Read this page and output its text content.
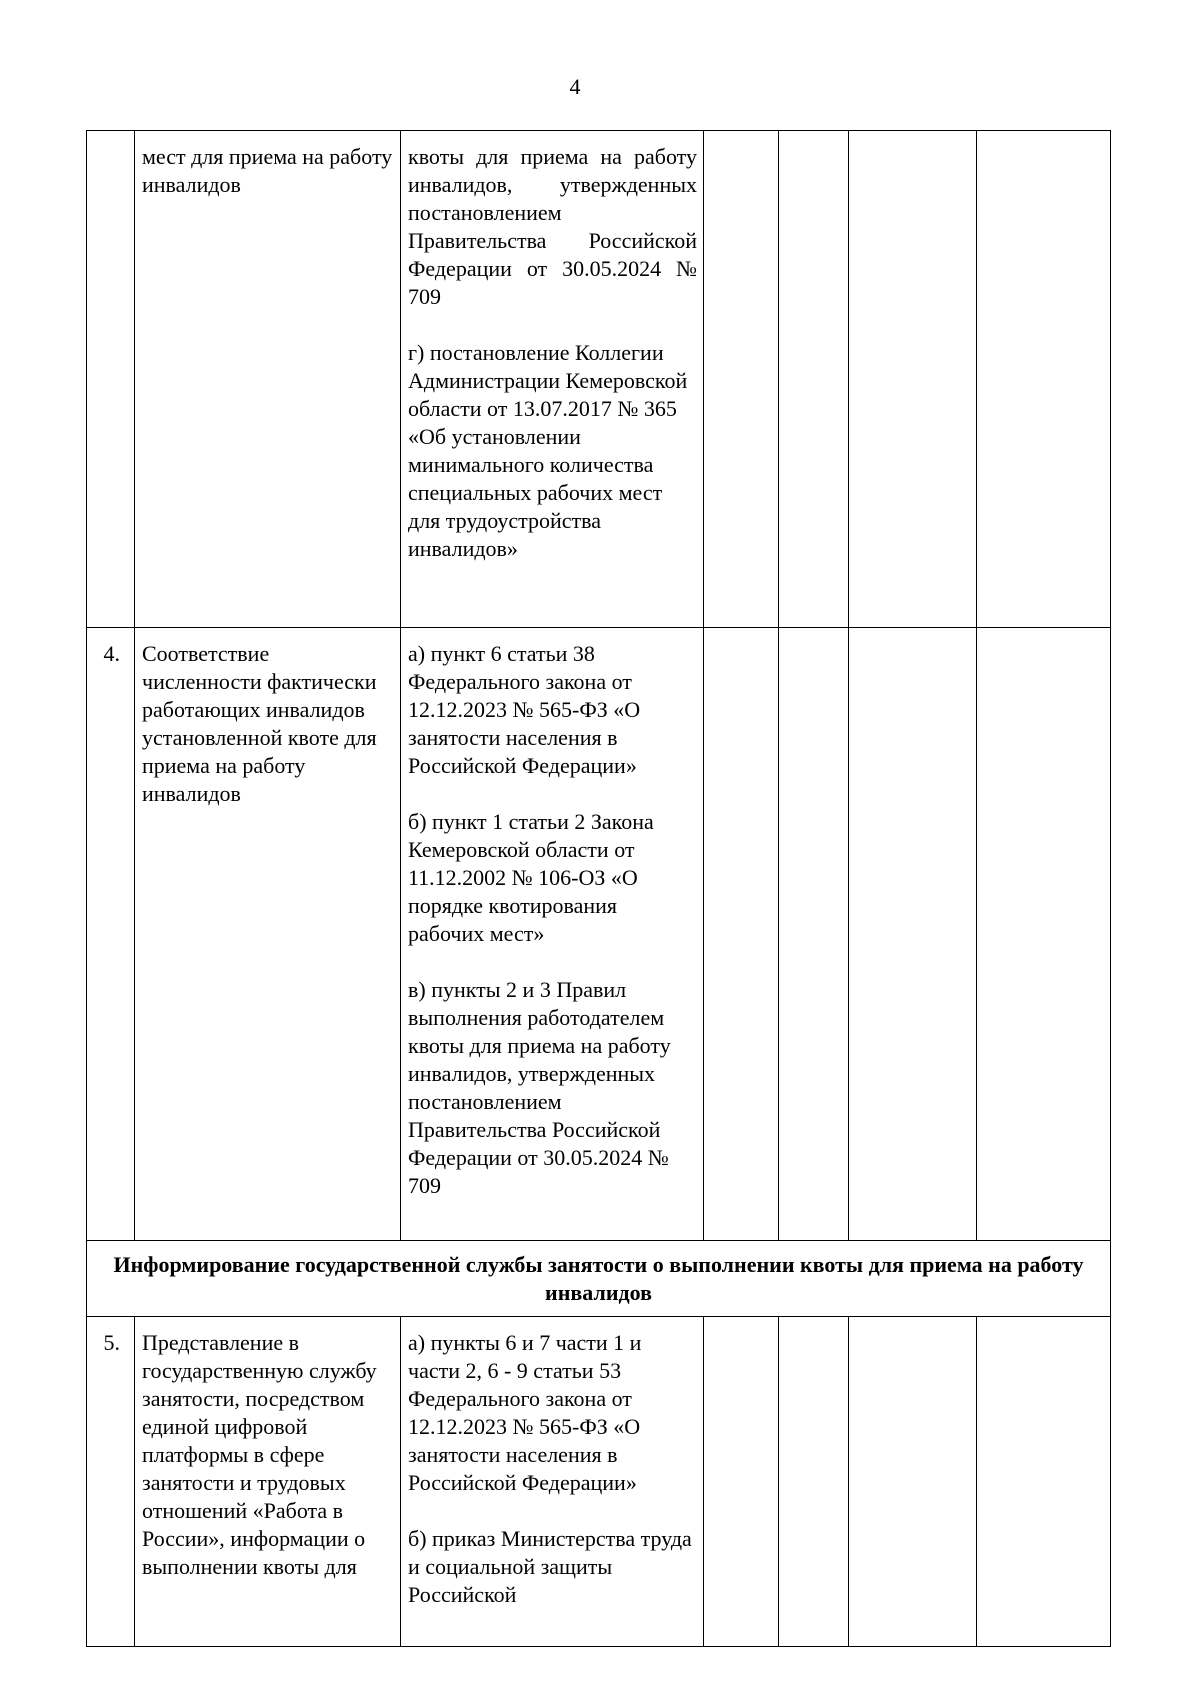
4
	мест для приема на работу инвалидов	квоты для приема на работу инвалидов, утвержденных постановлением Правительства Российской Федерации от 30.05.2024 № 709

г) постановление Коллегии Администрации Кемеровской области от 13.07.2017 № 365 «Об установлении минимального количества специальных рабочих мест для трудоустройства инвалидов»				

4.	Соответствие численности фактически работающих инвалидов установленной квоте для приема на работу инвалидов	а) пункт 6 статьи 38 Федерального закона от 12.12.2023 № 565-ФЗ «О занятости населения в Российской Федерации»

б) пункт 1 статьи 2 Закона Кемеровской области от 11.12.2002 № 106-ОЗ «О порядке квотирования рабочих мест»

в) пункты 2 и 3 Правил выполнения работодателем квоты для приема на работу инвалидов, утвержденных постановлением Правительства Российской Федерации от 30.05.2024 № 709				

Информирование государственной службы занятости о выполнении квоты для приема на работу инвалидов						
5.	Представление в государственную службу занятости, посредством единой цифровой платформы в сфере занятости и трудовых отношений «Работа в России», информации о выполнении квоты для	а) пункты 6 и 7 части 1 и части 2, 6 - 9 статьи 53 Федерального закона от 12.12.2023 № 565-ФЗ «О занятости населения в Российской Федерации»

б) приказ Министерства труда и социальной защиты Российской				
